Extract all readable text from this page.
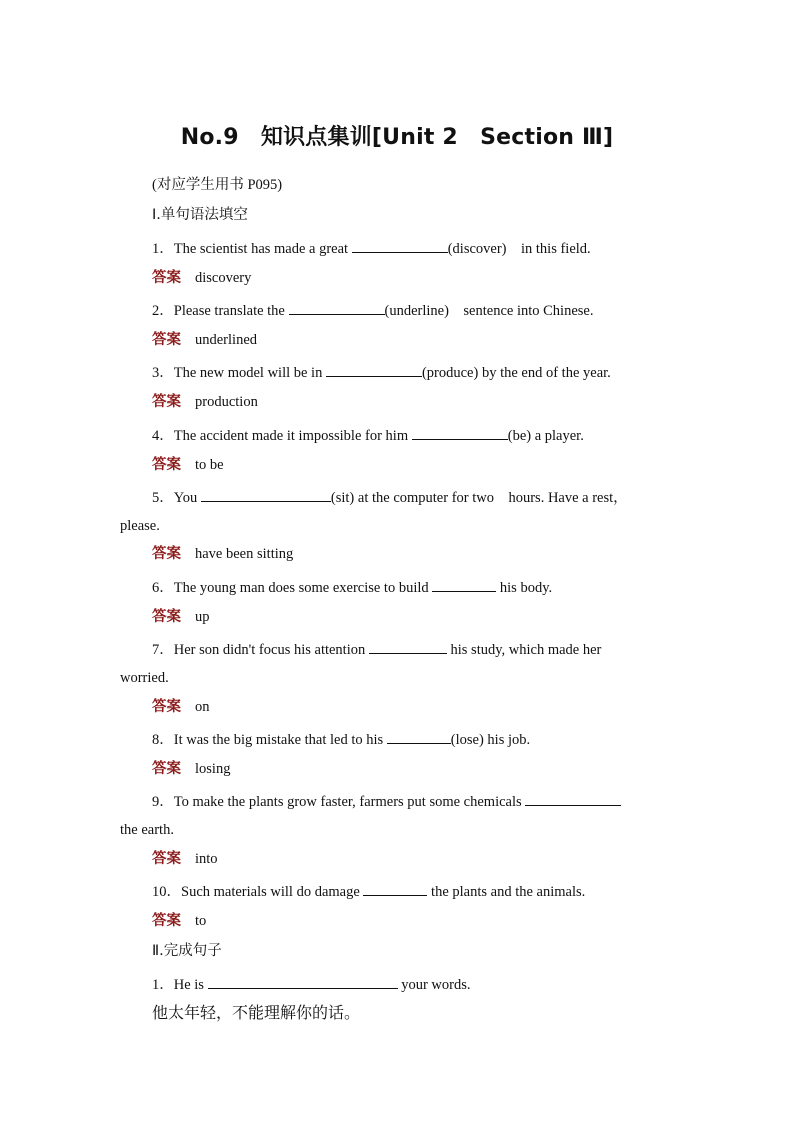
No.9　知识点集训[Unit 2　Section Ⅲ]
(对应学生用书 P095)
Ⅰ.单句语法填空
1．The scientist has made a great	(discover)　in this field.
答案 discovery
2．Please translate the	(underline)　sentence into Chinese.
答案 underlined
3．The new model will be in	(produce) by the end of the year.
答案 production
4．The accident made it impossible for him	(be) a player.
答案 to be
5．You	(sit) at the computer for two　hours. Have a rest，
please.
答案 have been sitting
6．The young man does some exercise to build	his body.
答案 up
7．Her son didn't focus his attention	his study, which made her
worried.
答案 on
8．It was the big mistake that led to his	(lose) his job.
答案 losing
9．To make the plants grow faster, farmers put some chemicals
the earth.
答案 into
10．Such materials will do damage	the plants and the animals.
答案 to
Ⅱ.完成句子
1．He is	your words.
他太年轻，不能理解你的话。
